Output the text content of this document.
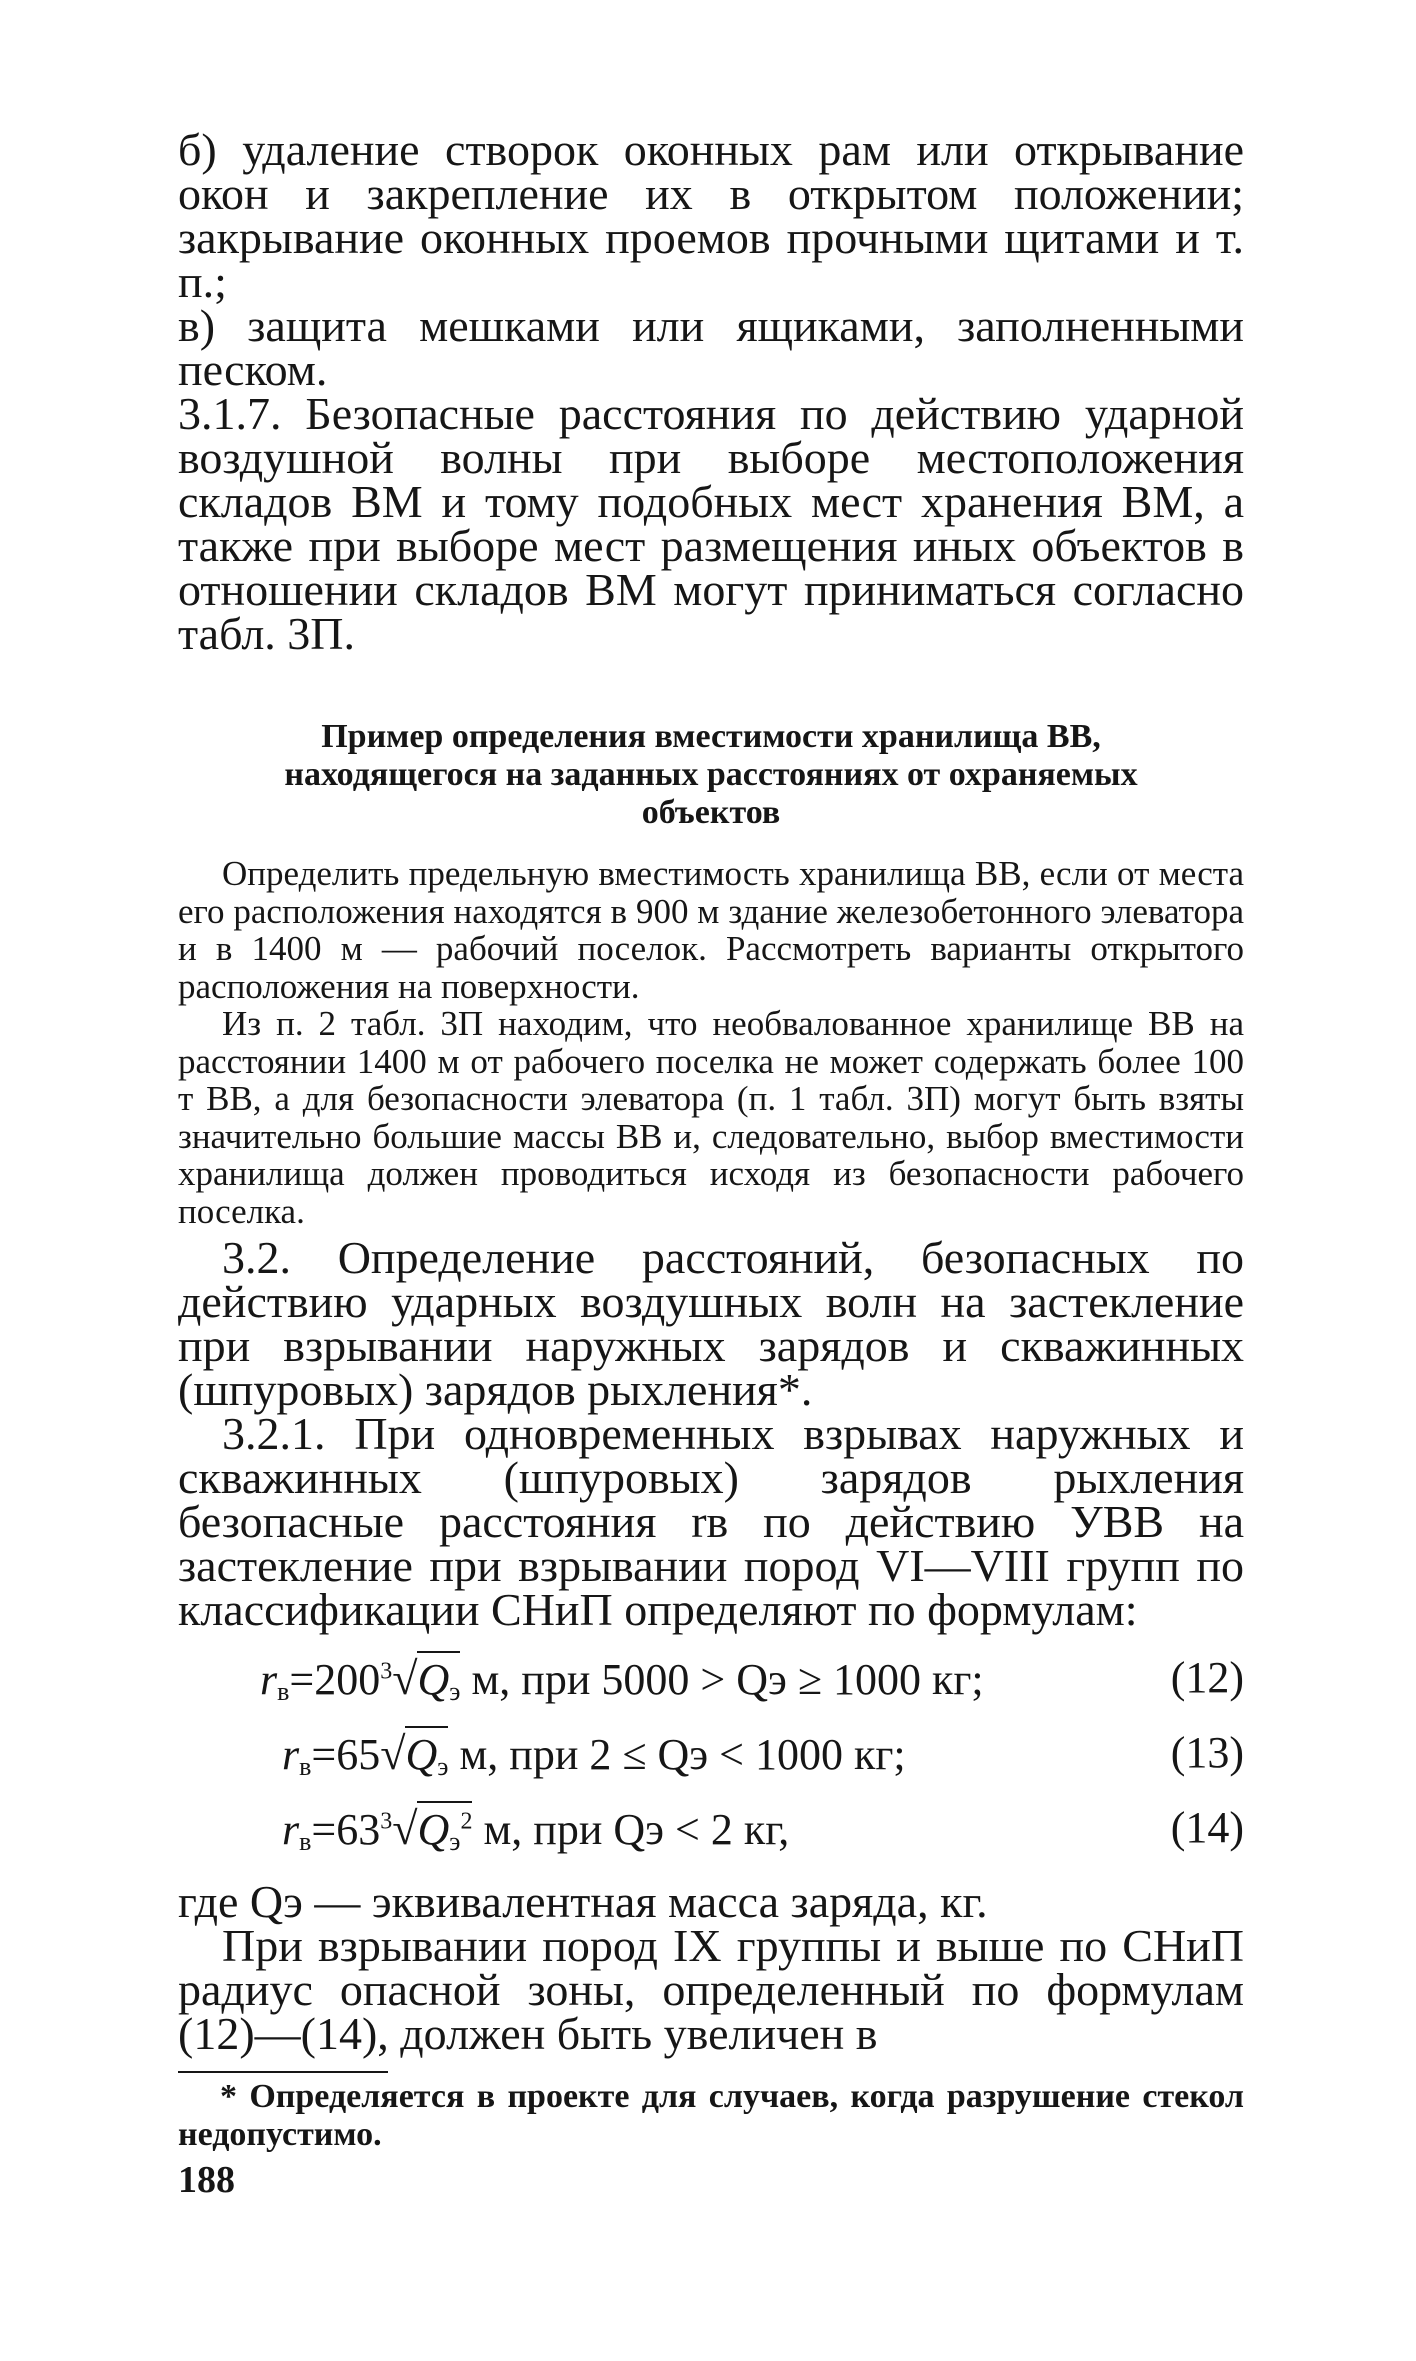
б) удаление створок оконных рам или открывание окон и закрепление их в открытом положении; закрывание оконных проемов прочными щитами и т. п.;

в) защита мешками или ящиками, заполненными песком.

3.1.7. Безопасные расстояния по действию ударной воздушной волны при выборе местоположения складов ВМ и тому подобных мест хранения ВМ, а также при выборе мест размещения иных объектов в отношении складов ВМ могут приниматься согласно табл. 3П.

Пример определения вместимости хранилища ВВ, находящегося на заданных расстояниях от охраняемых объектов

Определить предельную вместимость хранилища ВВ, если от места его расположения находятся в 900 м здание железобетонного элеватора и в 1400 м — рабочий поселок. Рассмотреть варианты открытого расположения на поверхности.

Из п. 2 табл. 3П находим, что необвалованное хранилище ВВ на расстоянии 1400 м от рабочего поселка не может содержать более 100 т ВВ, а для безопасности элеватора (п. 1 табл. 3П) могут быть взяты значительно большие массы ВВ и, следовательно, выбор вместимости хранилища должен проводиться исходя из безопасности рабочего поселка.

3.2. Определение расстояний, безопасных по действию ударных воздушных волн на застекление при взрывании наружных зарядов и скважинных (шпуровых) зарядов рыхления*.

3.2.1. При одновременных взрывах наружных и скважинных (шпуровых) зарядов рыхления безопасные расстояния rв по действию УВВ на застекление при взрывании пород VI—VIII групп по классификации СНиП определяют по формулам:

$r_в=200^3√Q_э$ м, при 5000 > Qэ ≥ 1000 кг;	(12)
$r_в=65√Q_э$ м, при 2 ≤ Qэ < 1000 кг;	(13)
$r_в=63^3√Q_э^2$ м, при Qэ < 2 кг,	(14)

где Qэ — эквивалентная масса заряда, кг.

При взрывании пород IX группы и выше по СНиП радиус опасной зоны, определенный по формулам (12)—(14), должен быть увеличен в

* Определяется в проекте для случаев, когда разрушение стекол недопустимо.

188
